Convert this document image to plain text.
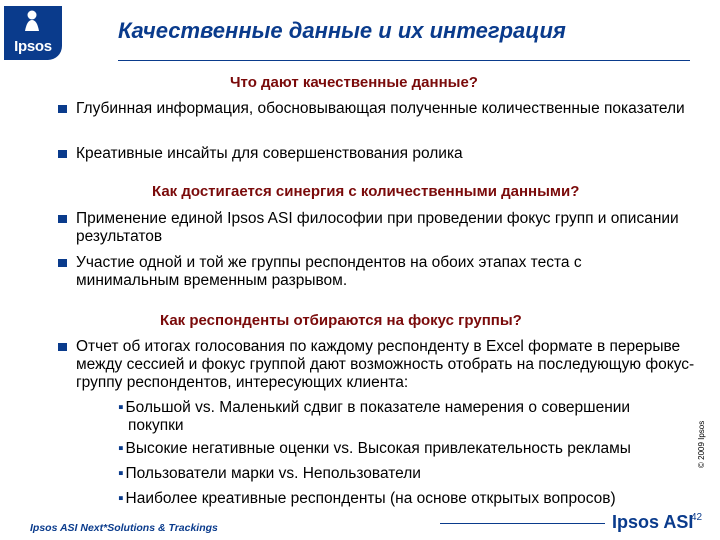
Ipsos
Качественные данные и их интеграция
Что дают качественные данные?
Глубинная информация, обосновывающая полученные количественные показатели
Креативные инсайты для совершенствования ролика
Как достигается синергия с количественными данными?
Применение единой Ipsos ASI философии при проведении фокус групп и описании результатов
Участие одной и той же группы респондентов на обоих этапах теста с минимальным временным разрывом.
Как респонденты отбираются на фокус группы?
Отчет об итогах голосования по каждому респонденту в Excel формате в перерыве между сессией и фокус группой дают возможность отобрать на последующую фокус-группу респондентов, интересующих клиента:
▪ Большой vs. Маленький сдвиг в показателе намерения о совершении
покупки
▪ Высокие негативные оценки vs. Высокая привлекательность рекламы
▪ Пользователи марки vs. Непользователи
▪ Наиболее креативные респонденты (на основе открытых вопросов)
© 2009 Ipsos
Ipsos ASI Next*Solutions & Trackings	Ipsos ASI
42
